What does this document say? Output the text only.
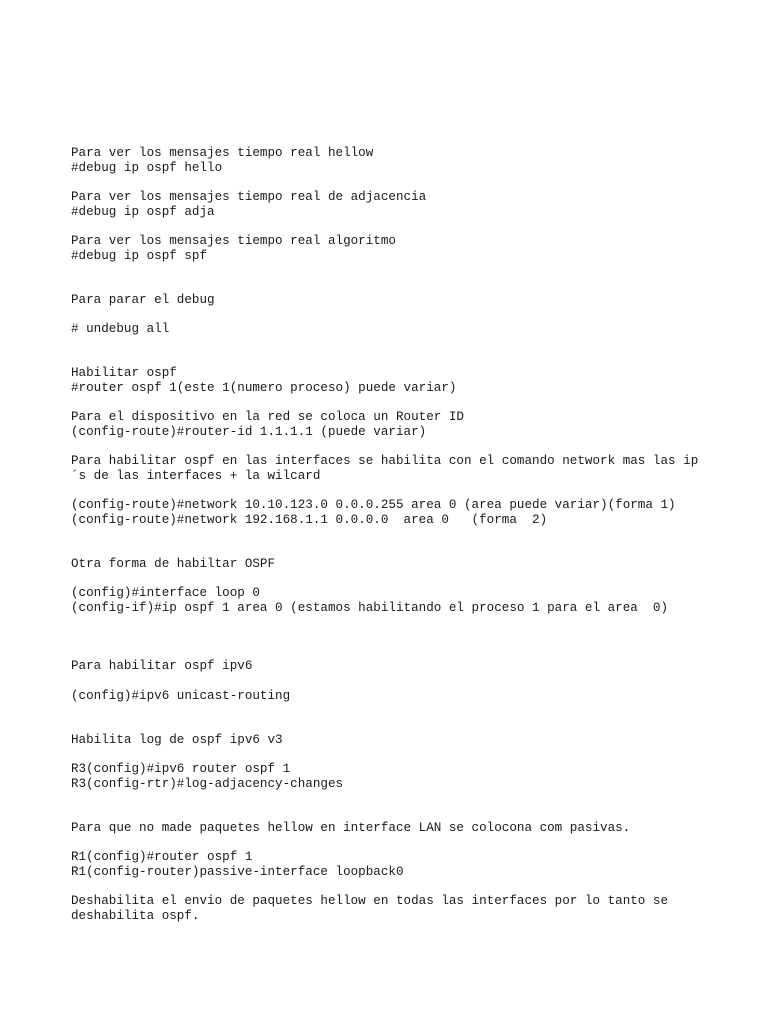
Para ver los mensajes tiempo real hellow

#debug ip ospf hello

Para ver los mensajes tiempo real de adjacencia

#debug ip ospf adja

Para ver los mensajes tiempo real algoritmo

#debug ip ospf spf

Para parar el debug

# undebug all

Habilitar ospf

#router ospf 1(este 1(numero proceso) puede variar)

Para el dispositivo en la red se coloca un Router ID

(config-route)#router-id 1.1.1.1 (puede variar)

Para habilitar ospf en las interfaces se habilita con el comando network mas las ip

´s de las interfaces + la wilcard

(config-route)#network 10.10.123.0 0.0.0.255 area 0 (area puede variar)(forma 1)

(config-route)#network 192.168.1.1 0.0.0.0  area 0   (forma  2)

Otra forma de habiltar OSPF

(config)#interface loop 0

(config-if)#ip ospf 1 area 0 (estamos habilitando el proceso 1 para el area  0)

Para habilitar ospf ipv6

(config)#ipv6 unicast-routing

Habilita log de ospf ipv6 v3

R3(config)#ipv6 router ospf 1

R3(config-rtr)#log-adjacency-changes

Para que no made paquetes hellow en interface LAN se colocona com pasivas.

R1(config)#router ospf 1

R1(config-router)passive-interface loopback0

Deshabilita el envio de paquetes hellow en todas las interfaces por lo tanto se

deshabilita ospf.
